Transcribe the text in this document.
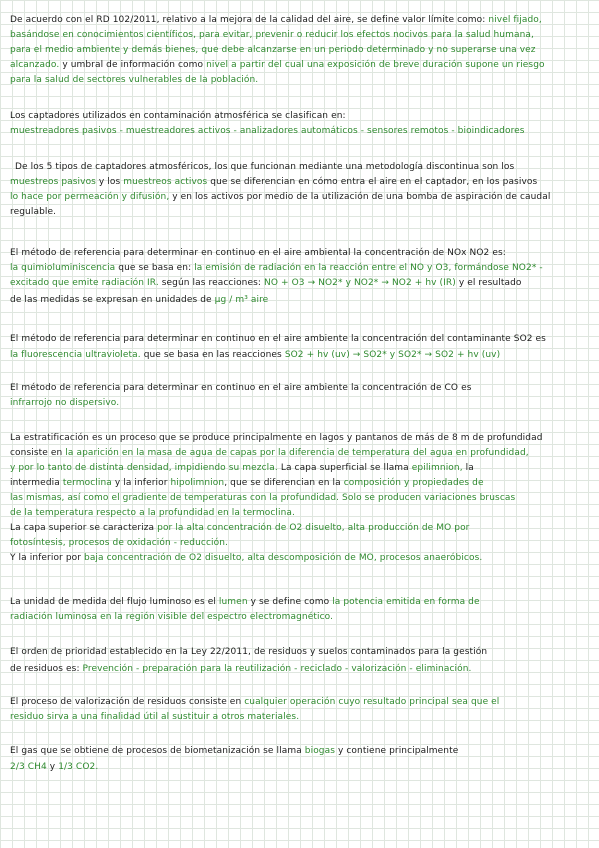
De acuerdo con el RD 102/2011, relativo a la mejora de la calidad del aire, se define valor límite como: nivel fijado,
basándose en conocimientos científicos, para evitar, prevenir o reducir los efectos nocivos para la salud humana,
para el medio ambiente y demás bienes, que debe alcanzarse en un periodo determinado y no superarse una vez
alcanzado. y umbral de información como nivel a partir del cual una exposición de breve duración supone un riesgo
para la salud de sectores vulnerables de la población.
Los captadores utilizados en contaminación atmosférica se clasifican en:
muestreadores pasivos - muestreadores activos - analizadores automáticos - sensores remotos - bioindicadores
De los 5 tipos de captadores atmosféricos, los que funcionan mediante una metodología discontinua son los
muestreos pasivos y los muestreos activos que se diferencian en cómo entra el aire en el captador, en los pasivos
lo hace por permeación y difusión, y en los activos por medio de la utilización de una bomba de aspiración de caudal
regulable.
El método de referencia para determinar en continuo en el aire ambiental la concentración de NOx NO2 es:
la quimioluminiscencia que se basa en: la emisión de radiación en la reacción entre el NO y O3, formándose NO2* -
excitado que emite radiación IR. según las reacciones: NO + O3 → NO2* y NO2* → NO2 + hv (IR) y el resultado
de las medidas se expresan en unidades de μg / m³ aire
El método de referencia para determinar en continuo en el aire ambiente la concentración del contaminante SO2 es
la fluorescencia ultravioleta. que se basa en las reacciones SO2 + hv (uv) → SO2* y SO2* → SO2 + hv (uv)
El método de referencia para determinar en continuo en el aire ambiente la concentración de CO es
infrarrojo no dispersivo.
La estratificación es un proceso que se produce principalmente en lagos y pantanos de más de 8 m de profundidad
consiste en la aparición en la masa de agua de capas por la diferencia de temperatura del agua en profundidad,
y por lo tanto de distinta densidad, impidiendo su mezcla. La capa superficial se llama epilimnion, la
intermedia termoclina y la inferior hipolimnion, que se diferencian en la composición y propiedades de
las mismas, así como el gradiente de temperaturas con la profundidad. Solo se producen variaciones bruscas
de la temperatura respecto a la profundidad en la termoclina.
La capa superior se caracteriza por la alta concentración de O2 disuelto, alta producción de MO por
fotosíntesis, procesos de oxidación - reducción.
Y la inferior por baja concentración de O2 disuelto, alta descomposición de MO, procesos anaeróbicos.
La unidad de medida del flujo luminoso es el lumen y se define como la potencia emitida en forma de
radiación luminosa en la región visible del espectro electromagnético.
El orden de prioridad establecido en la Ley 22/2011, de residuos y suelos contaminados para la gestión
de residuos es: Prevención - preparación para la reutilización - reciclado - valorización - eliminación.
El proceso de valorización de residuos consiste en cualquier operación cuyo resultado principal sea que el
residuo sirva a una finalidad útil al sustituir a otros materiales.
El gas que se obtiene de procesos de biometanización se llama biogas y contiene principalmente
2/3 CH4 y 1/3 CO2.
